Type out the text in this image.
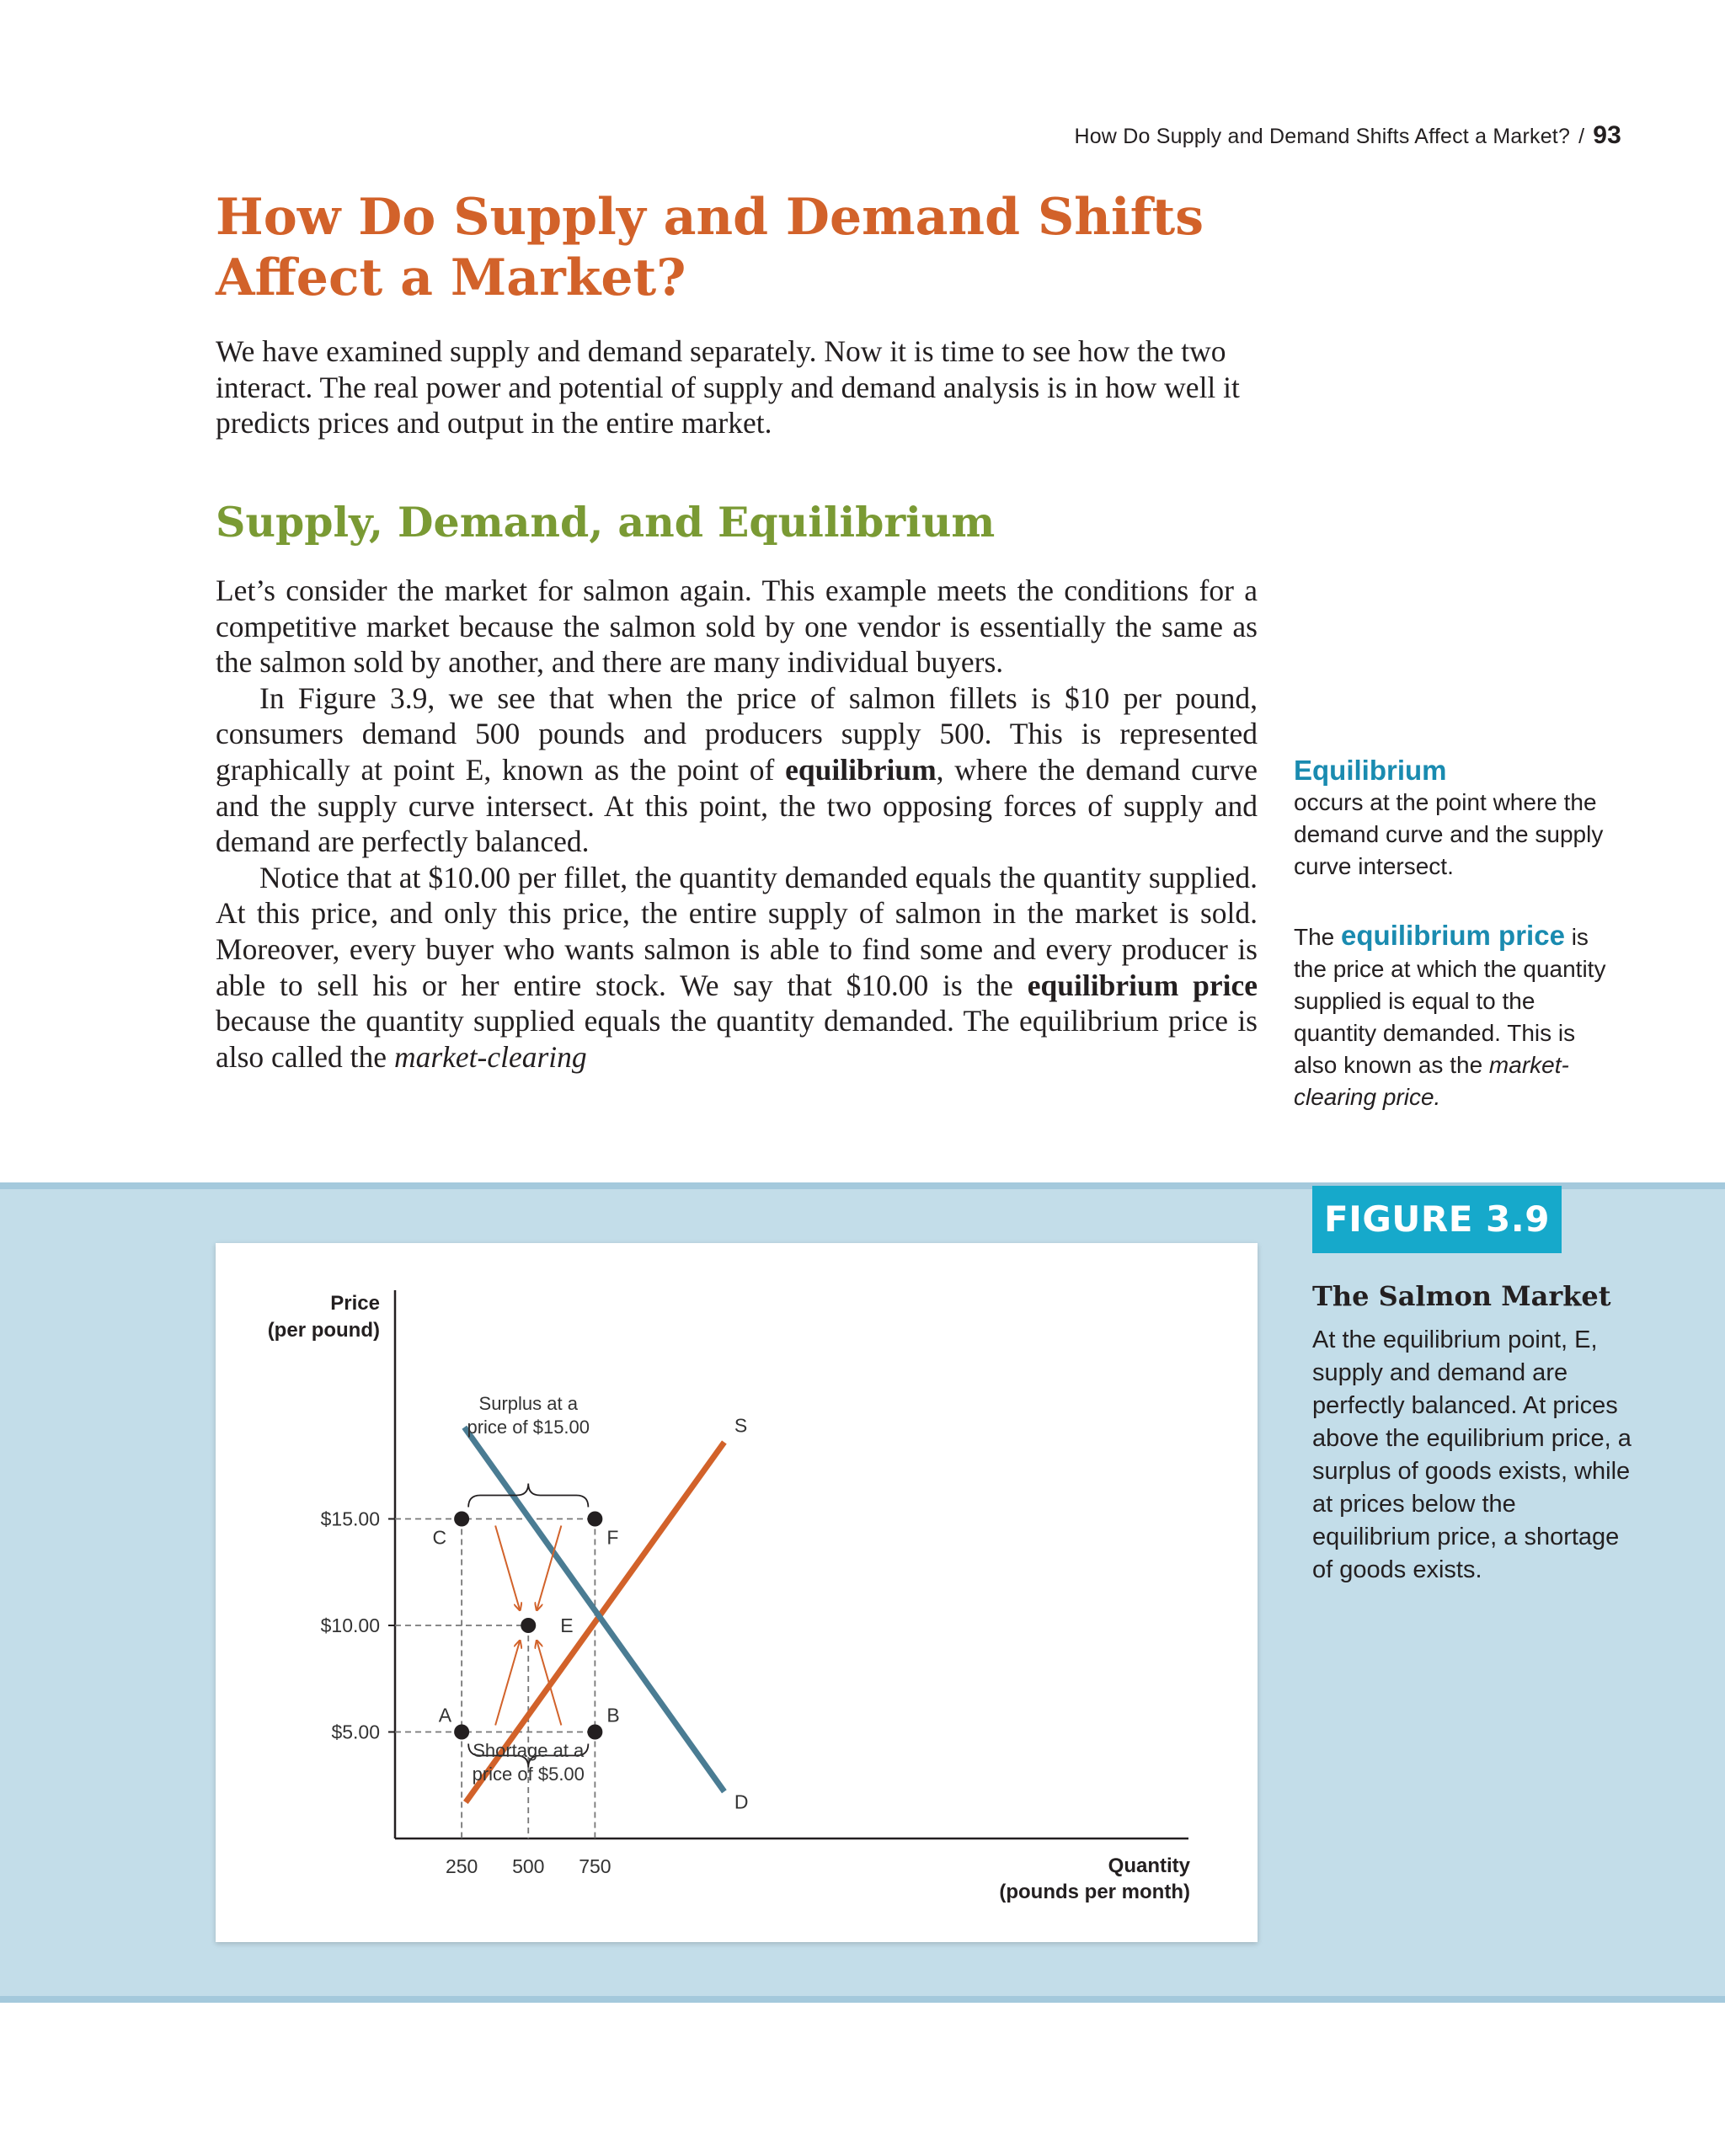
How Do Supply and Demand Shifts Affect a Market? / 93
How Do Supply and Demand Shifts
Affect a Market?

We have examined supply and demand separately. Now it is time to see how the two interact. The real power and potential of supply and demand analysis is in how well it predicts prices and output in the entire market.

Supply, Demand, and Equilibrium

Let’s consider the market for salmon again. This example meets the conditions for a competitive market because the salmon sold by one vendor is essentially the same as the salmon sold by another, and there are many individual buyers.

In Figure 3.9, we see that when the price of salmon fillets is $10 per pound, consumers demand 500 pounds and producers supply 500. This is represented graphically at point E, known as the point of equilibrium, where the demand curve and the supply curve intersect. At this point, the two opposing forces of supply and demand are perfectly balanced.

Notice that at $10.00 per fillet, the quantity demanded equals the quantity supplied. At this price, and only this price, the entire supply of salmon in the market is sold. Moreover, every buyer who wants salmon is able to find some and every producer is able to sell his or her entire stock. We say that $10.00 is the equilibrium price because the quantity supplied equals the quantity demanded. The equilibrium price is also called the market-clearing

Equilibrium
occurs at the point where the demand curve and the supply curve intersect.
The equilibrium price is the price at which the quantity supplied is equal to the quantity demanded. This is also known as the market-clearing price.
FIGURE 3.9
The Salmon Market
At the equilibrium point, E, supply and demand are perfectly balanced. At prices above the equilibrium price, a surplus of goods exists, while at prices below the equilibrium price, a shortage of goods exists.
Price
(per pound)
Quantity
(pounds per month)
$5.00
$10.00
$15.00
250 500 750
S
D
Surplus at a
price of $15.00
Shortage at a
price of $5.00
C	F
E
A	B
